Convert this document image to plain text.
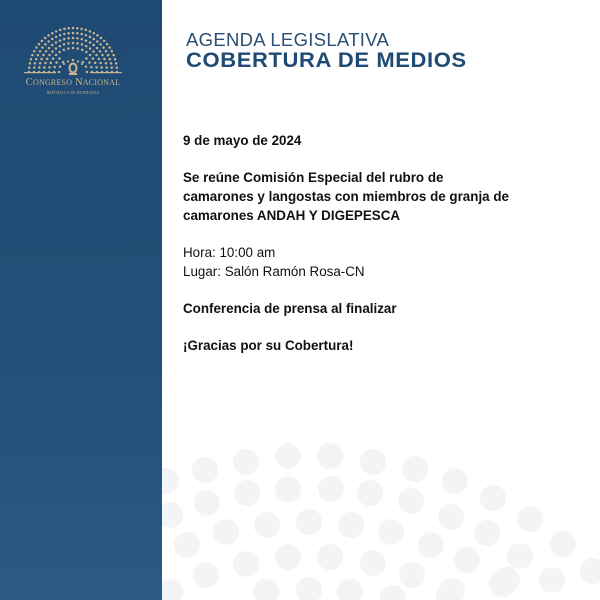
CONGRESO NACIONAL
REPÚBLICA DE HONDURAS
AGENDA LEGISLATIVA
COBERTURA DE MEDIOS

9 de mayo de 2024

Se reúne Comisión Especial del rubro de

camarones y langostas con miembros de granja de

camarones ANDAH Y DIGEPESCA

Hora: 10:00 am

Lugar: Salón Ramón Rosa-CN

Conferencia de prensa al finalizar

¡Gracias por su Cobertura!
